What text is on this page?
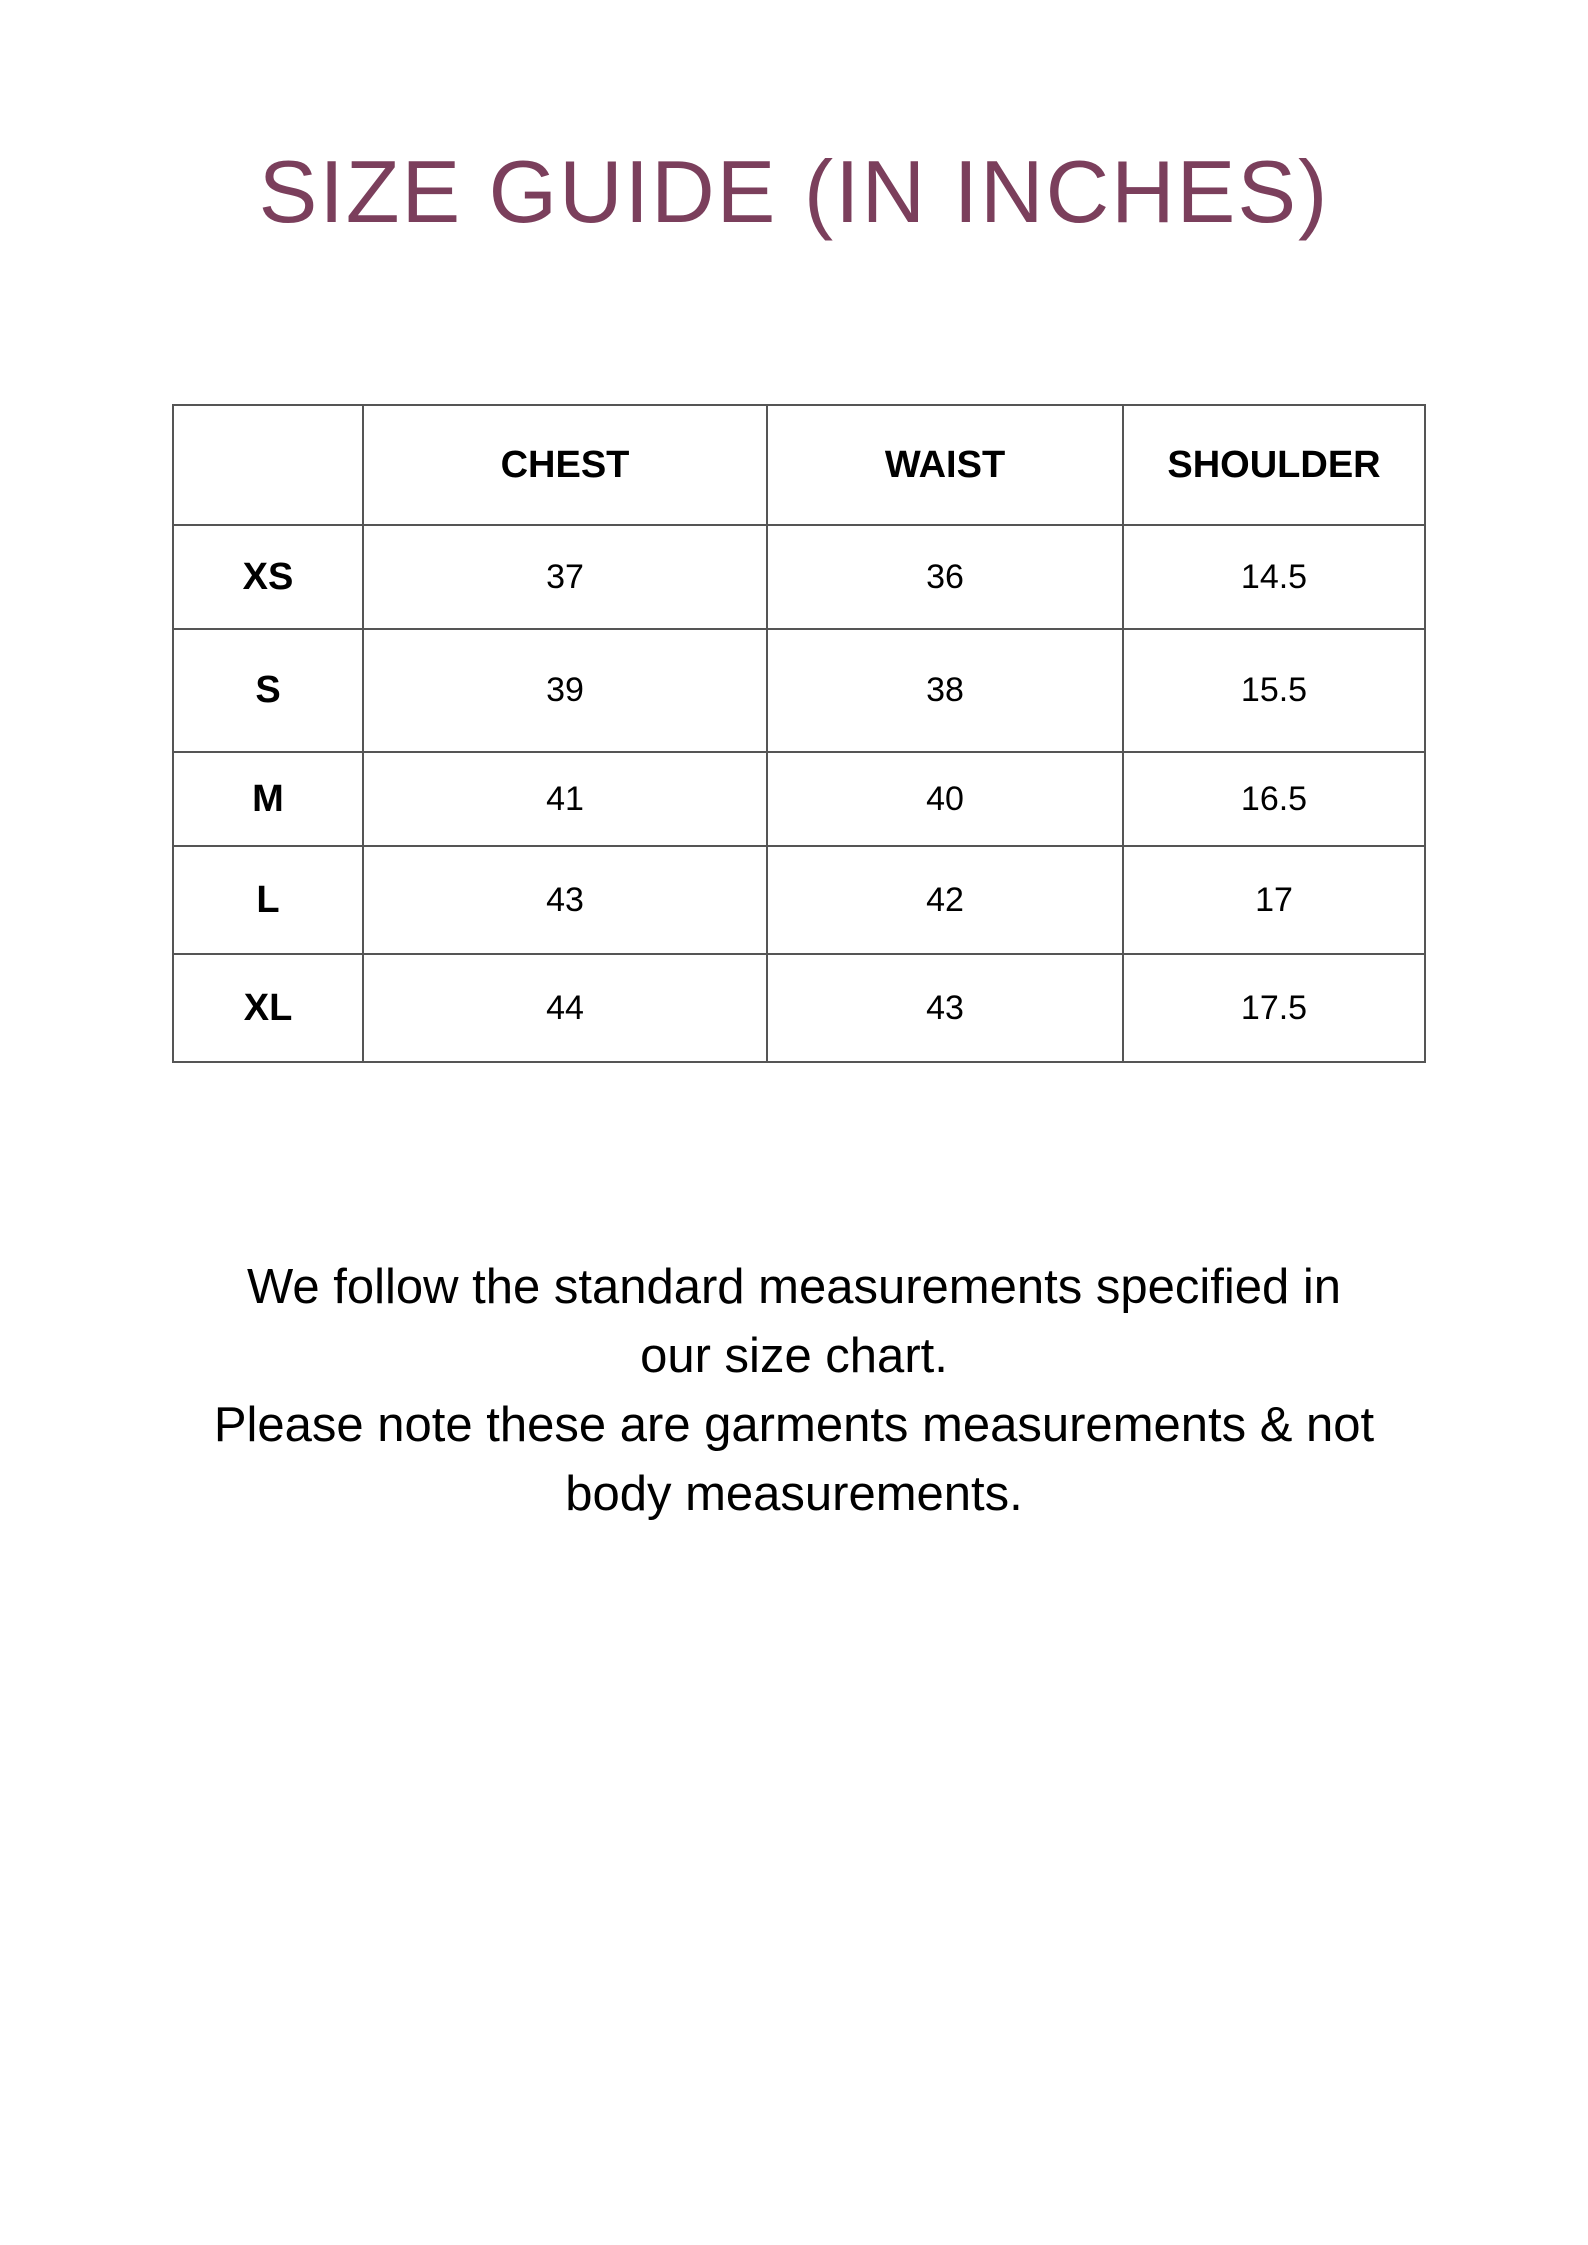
SIZE GUIDE (IN INCHES)
	CHEST	WAIST	SHOULDER
XS	37	36	14.5
S	39	38	15.5
M	41	40	16.5
L	43	42	17
XL	44	43	17.5

We follow the standard measurements specified in

our size chart.

Please note these are garments measurements & not

body measurements.
